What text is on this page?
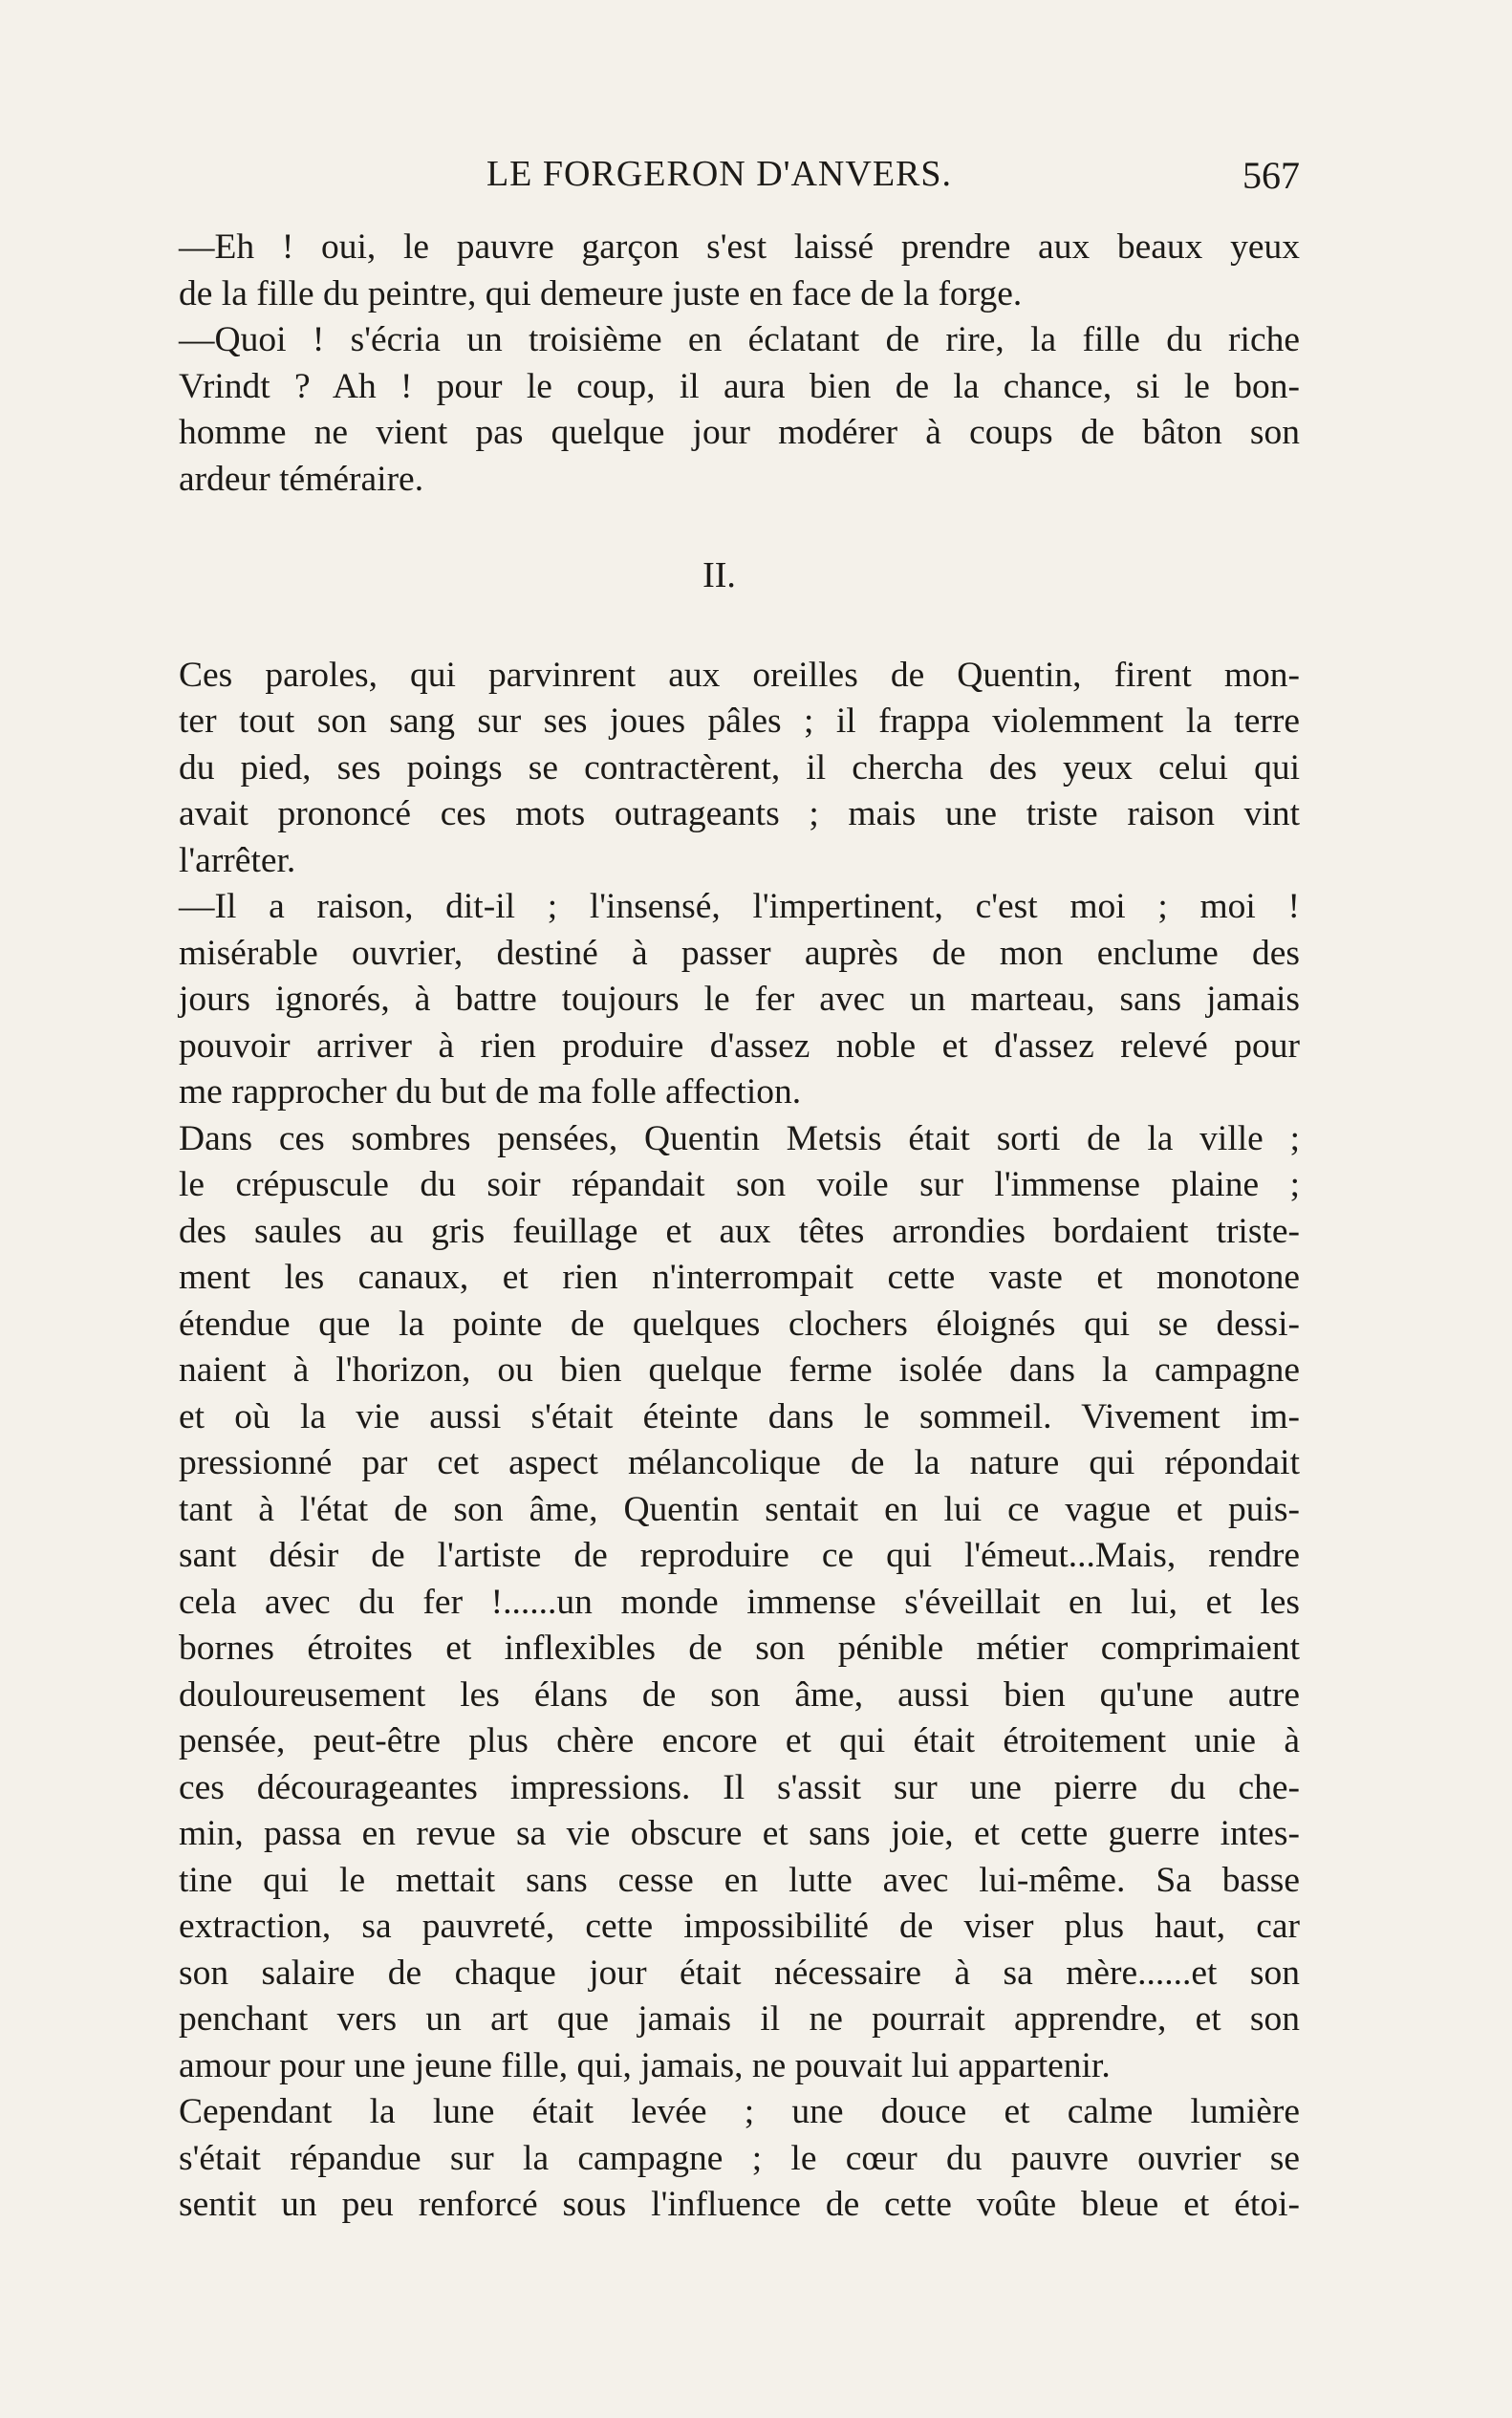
LE FORGERON D'ANVERS.	567

—Eh ! oui, le pauvre garçon s'est laissé prendre aux beaux yeux
de la fille du peintre, qui demeure juste en face de la forge.

—Quoi ! s'écria un troisième en éclatant de rire, la fille du riche
Vrindt ? Ah ! pour le coup, il aura bien de la chance, si le bon-
homme ne vient pas quelque jour modérer à coups de bâton son
ardeur téméraire.

II.

Ces paroles, qui parvinrent aux oreilles de Quentin, firent mon-
ter tout son sang sur ses joues pâles ; il frappa violemment la terre
du pied, ses poings se contractèrent, il chercha des yeux celui qui
avait prononcé ces mots outrageants ; mais une triste raison vint
l'arrêter.

—Il a raison, dit-il ; l'insensé, l'impertinent, c'est moi ; moi !
misérable ouvrier, destiné à passer auprès de mon enclume des
jours ignorés, à battre toujours le fer avec un marteau, sans jamais
pouvoir arriver à rien produire d'assez noble et d'assez relevé pour
me rapprocher du but de ma folle affection.

Dans ces sombres pensées, Quentin Metsis était sorti de la ville ;
le crépuscule du soir répandait son voile sur l'immense plaine ;
des saules au gris feuillage et aux têtes arrondies bordaient triste-
ment les canaux, et rien n'interrompait cette vaste et monotone
étendue que la pointe de quelques clochers éloignés qui se dessi-
naient à l'horizon, ou bien quelque ferme isolée dans la campagne
et où la vie aussi s'était éteinte dans le sommeil. Vivement im-
pressionné par cet aspect mélancolique de la nature qui répondait
tant à l'état de son âme, Quentin sentait en lui ce vague et puis-
sant désir de l'artiste de reproduire ce qui l'émeut...Mais, rendre
cela avec du fer !......un monde immense s'éveillait en lui, et les
bornes étroites et inflexibles de son pénible métier comprimaient
douloureusement les élans de son âme, aussi bien qu'une autre
pensée, peut-être plus chère encore et qui était étroitement unie à
ces décourageantes impressions. Il s'assit sur une pierre du che-
min, passa en revue sa vie obscure et sans joie, et cette guerre intes-
tine qui le mettait sans cesse en lutte avec lui-même. Sa basse
extraction, sa pauvreté, cette impossibilité de viser plus haut, car
son salaire de chaque jour était nécessaire à sa mère......et son
penchant vers un art que jamais il ne pourrait apprendre, et son
amour pour une jeune fille, qui, jamais, ne pouvait lui appartenir.

Cependant la lune était levée ; une douce et calme lumière
s'était répandue sur la campagne ; le cœur du pauvre ouvrier se
sentit un peu renforcé sous l'influence de cette voûte bleue et étoi-
